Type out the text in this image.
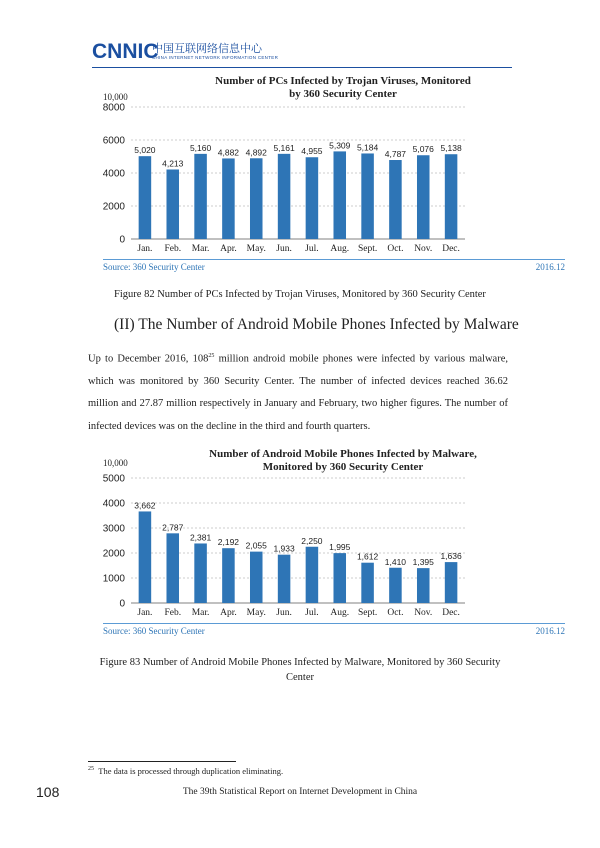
CNNIC
中国互联网络信息中心
CHINA INTERNET NETWORK INFORMATION CENTER
Number of PCs Infected by Trojan Viruses, Monitored
by 360 Security Center
10,000
0
2000
4000
6000
8000
5,020
Jan.
4,213
Feb.
5,160
Mar.
4,882
Apr.
4,892
May.
5,161
Jun.
4,955
Jul.
5,309
Aug.
5,184
Sept.
4,787
Oct.
5,076
Nov.
5,138
Dec.
Source: 360 Security Center	2016.12
Figure 82 Number of PCs Infected by Trojan Viruses, Monitored by 360 Security Center
(II) The Number of Android Mobile Phones Infected by Malware
Up to December 2016, $108^{25}$ million android mobile phones were infected by various malware, which was monitored by 360 Security Center. The number of infected devices reached 36.62 million and 27.87 million respectively in January and February, two higher figures. The number of infected devices was on the decline in the third and fourth quarters.
Number of Android Mobile Phones Infected by Malware,
Monitored by 360 Security Center
10,000
0
1000
2000
3000
4000
5000
3,662
Jan.
2,787
Feb.
2,381
Mar.
2,192
Apr.
2,055
May.
1,933
Jun.
2,250
Jul.
1,995
Aug.
1,612
Sept.
1,410
Oct.
1,395
Nov.
1,636
Dec.
Source: 360 Security Center	2016.12
Figure 83 Number of Android Mobile Phones Infected by Malware, Monitored by 360 Security
Center
$^{25}$ The data is processed through duplication eliminating.
108	The 39th Statistical Report on Internet Development in China
